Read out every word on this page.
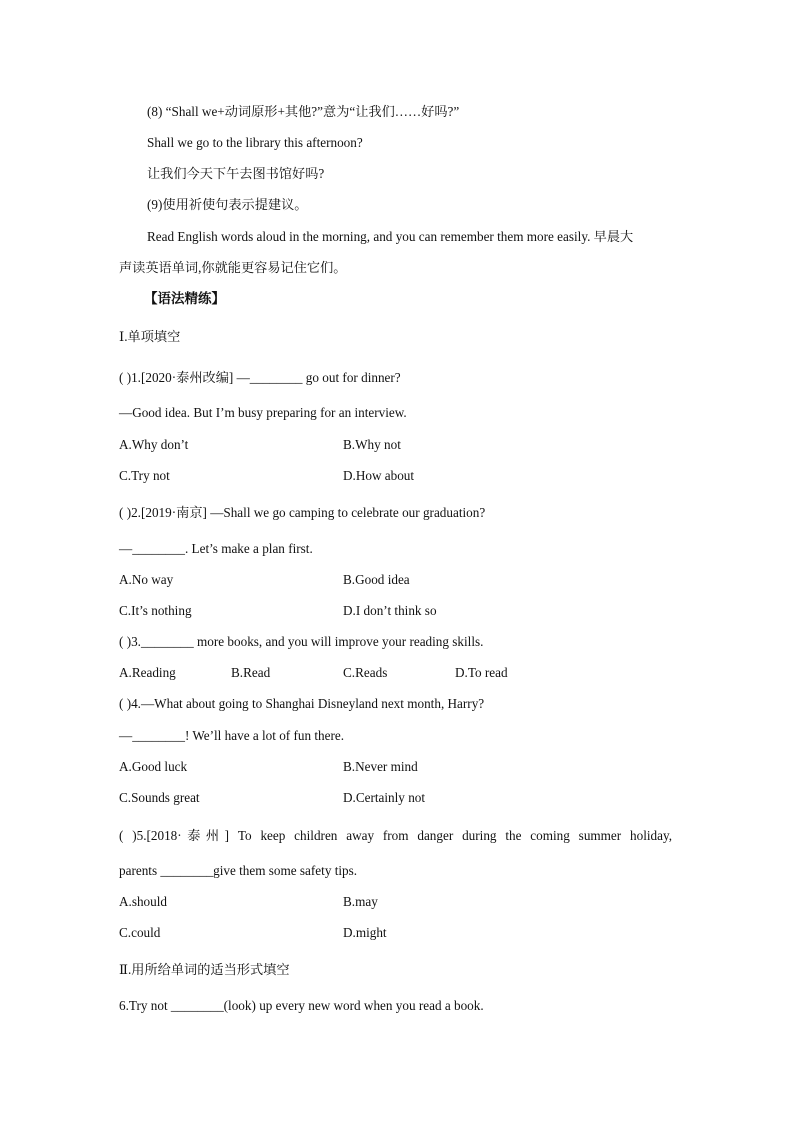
(8) “Shall we+动词原形+其他?”意为“让我们……好吗?”
Shall we go to the library this afternoon?
让我们今天下午去图书馆好吗?
(9)使用祈使句表示提建议。
Read English words aloud in the morning, and you can remember them more easily. 早晨大
声读英语单词,你就能更容易记住它们。
【语法精练】
Ⅰ.单项填空
( )1.[2020·泰州改编] —________ go out for dinner?
—Good idea. But I’m busy preparing for an interview.
A.Why don’t	B.Why not
C.Try not	D.How about
( )2.[2019·南京] —Shall we go camping to celebrate our graduation?
—________. Let’s make a plan first.
A.No way	B.Good idea
C.It’s nothing	D.I don’t think so
( )3.________ more books, and you will improve your reading skills.
A.Reading	B.Read	C.Reads	D.To read
( )4.—What about going to Shanghai Disneyland next month, Harry?
—________! We’ll have a lot of fun there.
A.Good luck	B.Never mind
C.Sounds great	D.Certainly not
( )5.[2018·泰州] To keep children away from danger during the coming summer holiday,
parents ________give them some safety tips.
A.should	B.may
C.could	D.might
Ⅱ.用所给单词的适当形式填空
6.Try not ________(look) up every new word when you read a book.
